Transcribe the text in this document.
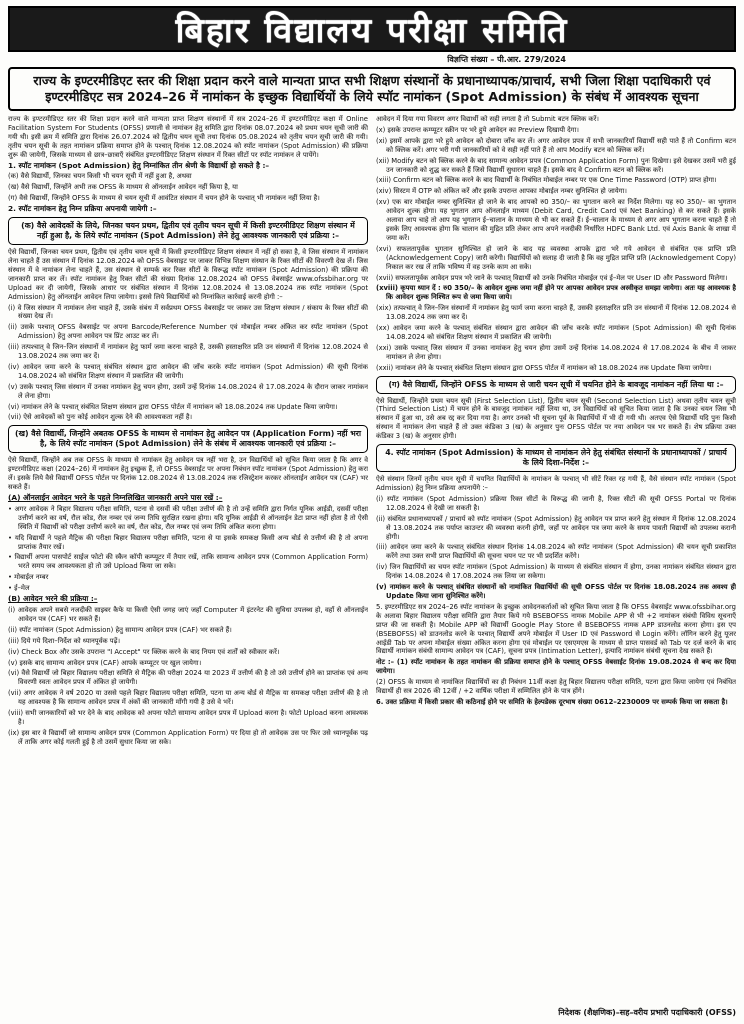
बिहार विद्यालय परीक्षा समिति
विज्ञप्ति संख्या – पी.आर. 279/2024
राज्य के इण्टरमीडिएट स्तर की शिक्षा प्रदान करने वाले मान्यता प्राप्त सभी शिक्षण संस्थानों के प्रधानाध्यापक/प्राचार्य, सभी जिला शिक्षा पदाधिकारी एवं इण्टरमीडिएट सत्र 2024–26 में नामांकन के इच्छुक विद्यार्थियों के लिये स्पॉट नामांकन (Spot Admission) के संबंध में आवश्यक सूचना

राज्य के इण्टरमीडिएट स्तर की शिक्षा प्रदान करने वाले मान्यता प्राप्त शिक्षण संस्थानों में सत्र 2024–26 में इण्टरमीडिएट कक्षा में Online Facilitation System For Students (OFSS) प्रणाली से नामांकन हेतु समिति द्वारा दिनांक 08.07.2024 को प्रथम चयन सूची जारी की गयी थी। इसी क्रम में समिति द्वारा दिनांक 26.07.2024 को द्वितीय चयन सूची तथा दिनांक 05.08.2024 को तृतीय चयन सूची जारी की गयी। तृतीय चयन सूची के तहत नामांकन प्रक्रिया समाप्त होने के पश्चात् दिनांक 12.08.2024 को स्पॉट नामांकन (Spot Admission) की प्रक्रिया शुरू की जायेगी, जिसके माध्यम से छात्र–छात्राएँ संबंधित इण्टरमीडिएट शिक्षण संस्थान में रिक्त सीटों पर स्पॉट नामांकन ले पायेंगे।

1. स्पॉट नामांकन (Spot Admission) हेतु निम्नांकित तीन श्रेणी के विद्यार्थी हो सकते है :–

(क) वैसे विद्यार्थी, जिनका चयन किसी भी चयन सूची में नहीं हुआ है, अथवा

(ख) वैसे विद्यार्थी, जिन्होंने अभी तक OFSS के माध्यम से ऑनलाईन आवेदन नहीं किया है, या

(ग) वैसे विद्यार्थी, जिन्होंने OFSS के माध्यम से चयन सूची में आवंटित संस्थान में चयन होने के पश्चात् भी नामांकन नहीं लिया है।

2. स्पॉट नामांकन हेतु निम्न प्रक्रिया अपनायी जायेगी :–

(क) वैसे आवेदकों के लिये, जिनका चयन प्रथम, द्वितीय एवं तृतीय चयन सूची में किसी इण्टरमीडिएट शिक्षण संस्थान में नहीं हुआ है, के लिये स्पॉट नामांकन (Spot Admission) लेने हेतु आवश्यक जानकारी एवं प्रक्रिया :–

ऐसे विद्यार्थी, जिनका चयन प्रथम, द्वितीय एवं तृतीय चयन सूची में किसी इण्टरमीडिएट शिक्षण संस्थान में नहीं हो सका है, वे जिस संस्थान में नामांकन लेना चाहते हैं उस संस्थान में दिनांक 12.08.2024 को OFSS वेबसाइट पर जाकर विभिन्न शिक्षण संस्थान के रिक्त सीटों की विवरणी देख लें। जिस संस्थान में वे नामांकन लेना चाहते हैं, उस संस्थान से सम्पर्क कर रिक्त सीटों के विरूद्ध स्पॉट नामांकन (Spot Admission) की प्रक्रिया की जानकारी प्राप्त कर लें। स्पॉट नामांकन हेतु रिक्त सीटों की संख्या दिनांक 12.08.2024 को OFSS वेबसाईट www.ofssbihar.org पर Upload कर दी जायेगी, जिसके आधार पर संबंधित संस्थान में दिनांक 12.08.2024 से 13.08.2024 तक स्पॉट नामांकन (Spot Admission) हेतु ऑनलाईन आवेदन लिया जायेगा। इससे लिये विद्यार्थियों को निम्नांकित कार्रवाई करनी होगी :–

(i) वे जिस संस्थान में नामांकन लेना चाहते हैं, उसके संबंध में सर्वप्रथम OFSS वेबसाईट पर जाकर उस शिक्षण संस्थान / संकाय के रिक्त सीटों की संख्या देख लें।

(ii) उसके पश्चात् OFSS वेबसाईट पर अपना Barcode/Reference Number एवं मोबाईल नम्बर अंकित कर स्पॉट नामांकन (Spot Admission) हेतु अपना आवेदन पत्र प्रिंट आउट कर लें।

(iii) तत्पश्चात् वे जिन–जिन संस्थानों में नामांकन हेतु फार्म जमा करना चाहते हैं, उसकी हस्ताक्षरित प्रति उन संस्थानों में दिनांक 12.08.2024 से 13.08.2024 तक जमा कर दें।

(iv) आवेदन जमा करने के पश्चात् संबंधित संस्थान द्वारा आवेदन की जाँच करके स्पॉट नामांकन (Spot Admission) की सूची दिनांक 14.08.2024 को संबंधित शिक्षण संस्थान में प्रकाशित की जायेगी।

(v) उसके पश्चात् जिस संस्थान में उनका नामांकन हेतु चयन होगा, उसमें उन्हें दिनांक 14.08.2024 से 17.08.2024 के दौरान जाकर नामांकन ले लेना होगा।

(vi) नामांकन लेने के पश्चात् संबंधित शिक्षण संस्थान द्वारा OFSS पोर्टल में नामांकन को 18.08.2024 तक Update किया जायेगा।

(vii) ऐसे आवेदकों को पुनः कोई आवेदन शुल्क देने की आवश्यकता नहीं है।

(ख) वैसे विद्यार्थी, जिन्होंने अबतक OFSS के माध्यम से नामांकन हेतु आवेदन पत्र (Application Form) नहीं भरा है, के लिये स्पॉट नामांकन (Spot Admission) लेने के संबंध में आवश्यक जानकारी एवं प्रक्रिया :–

ऐसे विद्यार्थी, जिन्होंने अब तक OFSS के माध्यम से नामांकन हेतु आवेदन पत्र नहीं भरा है, उन विद्यार्थियों को सूचित किया जाता है कि अगर वे इण्टरमीडिएट कक्षा (2024–26) में नामांकन हेतु इच्छुक हैं, तो OFSS वेबसाईट पर अपना निबंधन स्पॉट नामांकन (Spot Admission) हेतु करा लें। इसके लिये वैसे विद्यार्थी OFSS पोर्टल पर दिनांक 12.08.2024 से 13.08.2024 तक रजिस्ट्रेशन करकर ऑनलाईन आवेदन पत्र (CAF) भर सकते हैं।

(A) ऑनलाईन आवेदन भरने के पहले निम्नलिखित जानकारी अपने पास रखें :–

• अगर आवेदक ने बिहार विद्यालय परीक्षा समिति, पटना से दसवीं की परीक्षा उत्तीर्ण की है तो उन्हें समिति द्वारा निर्गत यूनिक आईडी, दसवीं परीक्षा उत्तीर्ण करने का वर्ष, रौल कोड, रौल नम्बर एवं जन्म तिथि सुरक्षित रखना होगा। यदि यूनिक आईडी से ऑनलाईन डेटा प्राप्त नहीं होता है तो ऐसी स्थिति में विद्यार्थी को परीक्षा उत्तीर्ण करने का वर्ष, रौल कोड, रौल नम्बर एवं जन्म तिथि अंकित करना होगा।

• यदि विद्यार्थी ने पहले मैट्रिक की परीक्षा बिहार विद्यालय परीक्षा समिति, पटना से या इसके समकक्ष किसी अन्य बोर्ड से उत्तीर्ण की है तो अपना प्राप्तांक तैयार रखें।

• विद्यार्थी अपना पासपोर्ट साईज फोटो की स्कैन कॉपी कम्प्यूटर में तैयार रखें, ताकि सामान्य आवेदन प्रपत्र (Common Application Form) भरते समय जब आवश्यकता हो तो उसे Upload किया जा सके।

• मोबाईल नम्बर

• ई–मेल

(B) आवेदन भरने की प्रक्रिया :–

(i) आवेदक अपने सबसे नजदीकी साइबर कैफे या किसी ऐसी जगह जाएं जहाँ Computer में इंटरनेट की सुविधा उपलब्ध हो, वहाँ से ऑनलाईन आवेदन पत्र (CAF) भर सकते हैं।

(ii) स्पॉट नामांकन (Spot Admission) हेतु सामान्य आवेदन प्रपत्र (CAF) भर सकते हैं।

(iii) दिये गये दिशा–निर्देश को ध्यानपूर्वक पढ़ें।

(iv) Check Box और उसके उपरान्त "I Accept" पर क्लिक करने के बाद नियम एवं शर्तों को स्वीकार करें।

(v) इसके बाद सामान्य आवेदन प्रपत्र (CAF) आपके कम्प्यूटर पर खुल जायेगा।

(vi) वैसे विद्यार्थी जो बिहार विद्यालय परीक्षा समिति से मैट्रिक की परीक्षा 2024 या 2023 में उत्तीर्ण की है तो उसे उत्तीर्ण होने का प्राप्तांक एवं अन्य विवरणी स्वतः आवेदन प्रपत्र में अंकित हो जायेगी।

(vii) अगर आवेदक ने वर्ष 2020 या उससे पहले बिहार विद्यालय परीक्षा समिति, पटना या अन्य बोर्ड से मैट्रिक या समकक्ष परीक्षा उत्तीर्ण की है तो यह आवश्यक है कि सामान्य आवेदन प्रपत्र में अंकों की जानकारी माँगी गयी है उसे वे भरें।

(viii) सभी जानकारियों को भर देने के बाद आवेदक को अपना फोटो सामान्य आवेदन प्रपत्र में Upload करना है। फोटो Upload करना आवश्यक है।

(ix) इस बार वे विद्यार्थी जो सामान्य आवेदन प्रपत्र (Common Application Form) पर दिया हो तो आवेदक उस पर फिर उसे ध्यानपूर्वक पढ़ लें ताकि अगर कोई गलती हुई है तो उसमें सुधार किया जा सके।

आवेदन में दिया गया विवरण अगर विद्यार्थी को सही लगता है तो Submit बटन क्लिक करें।

(x) इसके उपरान्त कम्प्यूटर स्क्रीन पर भरे हुये आवेदन का Preview दिखायी देगा।

(xi) इसमें आपके द्वारा भरे हुये आवेदन को दोबारा जाँच कर लें। अगर आवेदन प्रपत्र में सभी जानकारियाँ विद्यार्थी सही पाते हैं तो Confirm बटन को क्लिक करें। अगर भरी गयी जानकारियों को वे सही नहीं पाते हैं तो आप Modify बटन को क्लिक करें।

(xii) Modify बटन को क्लिक करने के बाद सामान्य आवेदन प्रपत्र (Common Application Form) पुनः दिखेगा। इसे देखकर उसमें भरी हुई उन जानकारी को शुद्ध कर सकते हैं जिसे विद्यार्थी सुधारना चाहते हैं। इसके बाद वे Confirm बटन को क्लिक करें।

(xiii) Confirm बटन को क्लिक करने के बाद विद्यार्थी के निबंधित मोबाईल नम्बर पर एक One Time Password (OTP) प्राप्त होगा।

(xiv) सिस्टम में OTP को अंकित करें और इसके उपरान्त आपका मोबाईल नम्बर सुनिश्चित हो जायेगा।

(xv) एक बार मोबाईल नम्बर सुनिश्चित हो जाने के बाद आपको रु0 350/– का भुगतान करने का निर्देश मिलेगा। यह रु0 350/– का भुगतान आवेदन शुल्क होगा। यह भुगतान आप ऑनलाईन माध्यम (Debit Card, Credit Card एवं Net Banking) से कर सकते हैं। इसके अलावा आप चाहे तो आप यह भुगतान ई–चालान के माध्यम से भी कर सकते हैं। ई–चालान के माध्यम से अगर आप भुगतान करना चाहते हैं तो इसके लिए आवश्यक होगा कि चालान की मुद्रित प्रति लेकर आप अपने नजदीकी निर्धारित HDFC Bank Ltd. एवं Axis Bank के शाखा में जमा करें।

(xvi) सफलतापूर्वक भुगतान सुनिश्चित हो जाने के बाद यह व्यवस्था आपके द्वारा भरे गये आवेदन से संबंधित एक प्राप्ति प्रति (Acknowledgement Copy) जारी करेगी। विद्यार्थियों को सलाह दी जाती है कि वह मुद्रित प्राप्ति प्रति (Acknowledgement Copy) निकाल कर रख लें ताकि भविष्य में वह उनके काम आ सके।

(xvii) सफलतापूर्वक आवेदन प्रपत्र भरे जाने के पश्चात् विद्यार्थी को उनके निबंधित मोबाईल एवं ई–मेल पर User ID और Password मिलेगा।

(xviii) कृपया ध्यान दें : रु0 350/– के आवेदन शुल्क जमा नहीं होने पर आपका आवेदन प्रपत्र अस्वीकृत समझा जायेगा। अतः यह आवश्यक है कि आवेदन शुल्क निश्चित रूप से जमा किया जाये।

(xix) तत्पश्चात् वे जिन–जिन संस्थानों में नामांकन हेतु फार्म जमा करना चाहते हैं, उसकी हस्ताक्षरित प्रति उन संस्थानों में दिनांक 12.08.2024 से 13.08.2024 तक जमा कर दें।

(xx) आवेदन जमा करने के पश्चात् संबंधित संस्थान द्वारा आवेदन की जाँच करके स्पॉट नामांकन (Spot Admission) की सूची दिनांक 14.08.2024 को संबंधित शिक्षण संस्थान में प्रकाशित की जायेगी।

(xxi) उसके पश्चात् जिस संस्थान में उनका नामांकन हेतु चयन होगा उसमें उन्हें दिनांक 14.08.2024 से 17.08.2024 के बीच में जाकर नामांकन ले लेना होगा।

(xxii) नामांकन लेने के पश्चात् संबंधित शिक्षण संस्थान द्वारा OFSS पोर्टल में नामांकन को 18.08.2024 तक Update किया जायेगा।

(ग) वैसे विद्यार्थी, जिन्होंने OFSS के माध्यम से जारी चयन सूची में चयनित होने के बावजूद नामांकन नहीं लिया था :–

ऐसे विद्यार्थी, जिन्होंने प्रथम चयन सूची (First Selection List), द्वितीय चयन सूची (Second Selection List) अथवा तृतीय चयन सूची (Third Selection List) में चयन होने के बावजूद नामांकन नहीं लिया था, उन विद्यार्थियों को सूचित किया जाता है कि उनका चयन जिस भी संस्थान में हुआ था, उसे अब रद्द कर दिया गया है। अगर उनको भी सूचना पूर्व के विद्यार्थियों में भी दी गयी थी। अतएव ऐसे विद्यार्थी यदि पुनः किसी संस्थान में नामांकन लेना चाहते हैं तो उक्त कंडिका 3 (ख) के अनुसार पुनः OFSS पोर्टल पर नया आवेदन पत्र भर सकते हैं। शेष प्रक्रिया उक्त कंडिका 3 (ख) के अनुसार होगी।

4. स्पॉट नामांकन (Spot Admission) के माध्यम से नामांकन लेने हेतु संबंधित संस्थानों के प्रधानाध्यापकों / प्राचार्य के लिये दिशा–निर्देश :–

ऐसे संस्थान जिनमें तृतीय चयन सूची में चयनित विद्यार्थियों के नामांकन के पश्चात् भी सीटें रिक्त रह गयी हैं, वैसे संस्थान स्पॉट नामांकन (Spot Admission) हेतु निम्न प्रक्रिया अपनायेंगे :–

(i) स्पॉट नामांकन (Spot Admission) प्रक्रिया रिक्त सीटों के विरूद्ध की जानी है, रिक्त सीटों की सूची OFSS Portal पर दिनांक 12.08.2024 से देखी जा सकती है।

(ii) संबंधित प्रधानाध्यापकों / प्राचार्य को स्पॉट नामांकन (Spot Admission) हेतु आवेदन पत्र प्राप्त करने हेतु संस्थान में दिनांक 12.08.2024 से 13.08.2024 तक पर्याप्त काउन्टर की व्यवस्था करनी होगी, जहाँ पर आवेदन पत्र जमा करने के समय पावती विद्यार्थी को उपलब्ध करानी होगी।

(iii) आवेदन जमा करने के पश्चात् संबंधित संस्थान दिनांक 14.08.2024 को स्पॉट नामांकन (Spot Admission) की चयन सूची प्रकाशित करेंगे तथा उक्त सभी प्राप्त विद्यार्थियों की सूचना चयन पट पर भी प्रदर्शित करेंगे।

(iv) जिन विद्यार्थियों का चयन स्पॉट नामांकन (Spot Admission) के माध्यम से संबंधित संस्थान में होगा, उनका नामांकन संबंधित संस्थान द्वारा दिनांक 14.08.2024 से 17.08.2024 तक लिया जा सकेगा।

(v) नामांकन करने के पश्चात् संबंधित संस्थानों को नामांकित विद्यार्थियों की सूची OFSS पोर्टल पर दिनांक 18.08.2024 तक अवश्य ही Update किया जाना सुनिश्चित करेंगे।

5. इण्टरमीडिएट सत्र 2024–26 स्पॉट नामांकन के इच्छुक आवेदनकर्ताओं को सूचित किया जाता है कि OFSS वेबसाईट www.ofssbihar.org के अलावा बिहार विद्यालय परीक्षा समिति द्वारा तैयार किये गये BSEBOFSS नामक Mobile APP से भी +2 नामांकन संबंधी विविध सूचनाएँ प्राप्त की जा सकती है। Mobile APP को विद्यार्थी Google Play Store से BSEBOFSS नामक APP डाउनलोड करना होगा। इस एप (BSEBOFSS) को डाउनलोड करने के पश्चात् विद्यार्थी अपने मोबाईल में User ID एवं Password से Login करेंगे। लॉगिन करने हेतु यूजर आईडी Tab पर अपना मोबाईल संख्या अंकित करना होगा एवं मोबाईल पर एसएमएस के माध्यम से प्राप्त पासवर्ड को Tab पर दर्ज करने के बाद विद्यार्थी नामांकन संबंधी सामान्य आवेदन पत्र (CAF), सूचना प्रपत्र (Intimation Letter), इत्यादि नामांकन संबंधी सूचना देख सकते हैं।

नोट :– (1) स्पॉट नामांकन के तहत नामांकन की प्रक्रिया समाप्त होने के पश्चात् OFSS वेबसाईट दिनांक 19.08.2024 से बन्द कर दिया जायेगा।

(2) OFSS के माध्यम से नामांकित विद्यार्थियों का ही निबंधन 11वीं कक्षा हेतु बिहार विद्यालय परीक्षा समिति, पटना द्वारा किया जायेगा एवं निबंधित विद्यार्थी ही सत्र 2026 की 12वीं / +2 वार्षिक परीक्षा में सम्मिलित होने के पात्र होंगे।

6. उक्त प्रक्रिया में किसी प्रकार की कठिनाई होने पर समिति के हेल्पडेस्क दूरभाष संख्या 0612–2230009 पर सम्पर्क किया जा सकता है।

निदेशक (शैक्षणिक)–सह–वरीय प्रभारी पदाधिकारी (OFSS)
